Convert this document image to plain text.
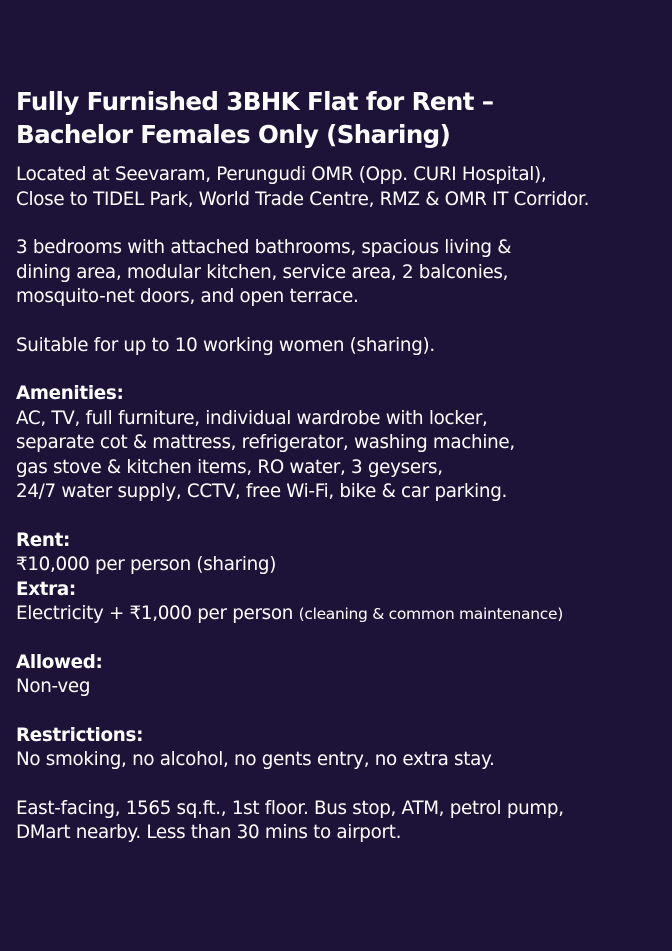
Fully Furnished 3BHK Flat for Rent –
Bachelor Females Only (Sharing)

Located at Seevaram, Perungudi OMR (Opp. CURI Hospital),
Close to TIDEL Park, World Trade Centre, RMZ & OMR IT Corridor.

3 bedrooms with attached bathrooms, spacious living &
dining area, modular kitchen, service area, 2 balconies,
mosquito-net doors, and open terrace.

Suitable for up to 10 working women (sharing).

Amenities:
AC, TV, full furniture, individual wardrobe with locker,
separate cot & mattress, refrigerator, washing machine,
gas stove & kitchen items, RO water, 3 geysers,
24/7 water supply, CCTV, free Wi-Fi, bike & car parking.

Rent:
₹10,000 per person (sharing)
Extra:
Electricity + ₹1,000 per person (cleaning & common maintenance)

Allowed:
Non-veg

Restrictions:
No smoking, no alcohol, no gents entry, no extra stay.

East-facing, 1565 sq.ft., 1st floor. Bus stop, ATM, petrol pump,
DMart nearby. Less than 30 mins to airport.
